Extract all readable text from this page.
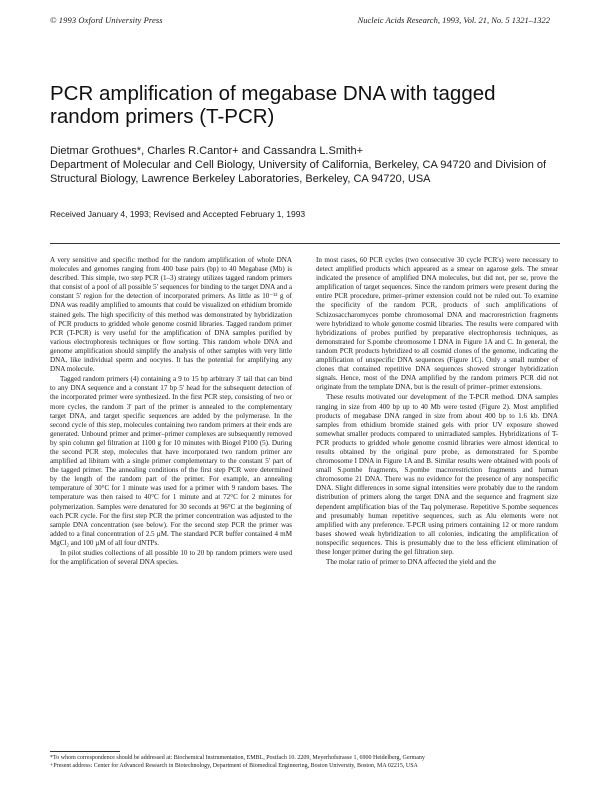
© 1993 Oxford University Press	Nucleic Acids Research, 1993, Vol. 21, No. 5 1321–1322
PCR amplification of megabase DNA with tagged random primers (T-PCR)
Dietmar Grothues*, Charles R.Cantor+ and Cassandra L.Smith+
Department of Molecular and Cell Biology, University of California, Berkeley, CA 94720 and Division of Structural Biology, Lawrence Berkeley Laboratories, Berkeley, CA 94720, USA
Received January 4, 1993; Revised and Accepted February 1, 1993

A very sensitive and specific method for the random amplification of whole DNA molecules and genomes ranging from 400 base pairs (bp) to 40 Megabase (Mb) is described. This simple, two step PCR (1–3) strategy utilizes tagged random primers that consist of a pool of all possible 5' sequences for binding to the target DNA and a constant 5' region for the detection of incorporated primers. As little as 10⁻¹² g of DNA was readily amplified to amounts that could be visualized on ethidium bromide stained gels. The high specificity of this method was demonstrated by hybridization of PCR products to gridded whole genome cosmid libraries. Tagged random primer PCR (T-PCR) is very useful for the amplification of DNA samples purified by various electrophoresis techniques or flow sorting. This random whole DNA and genome amplification should simplify the analysis of other samples with very little DNA, like individual sperm and oocytes. It has the potential for amplifying any DNA molecule.

Tagged random primers (4) containing a 9 to 15 bp arbitrary 3' tail that can bind to any DNA sequence and a constant 17 bp 5' head for the subsequent detection of the incorporated primer were synthesized. In the first PCR step, consisting of two or more cycles, the random 3' part of the primer is annealed to the complementary target DNA, and target specific sequences are added by the polymerase. In the second cycle of this step, molecules containing two random primers at their ends are generated. Unbound primer and primer–primer complexes are subsequently removed by spin column gel filtration at 1100 g for 10 minutes with Biogel P100 (5). During the second PCR step, molecules that have incorporated two random primer are amplified ad libitum with a single primer complementary to the constant 5' part of the tagged primer. The annealing conditions of the first step PCR were determined by the length of the random part of the primer. For example, an annealing temperature of 30°C for 1 minute was used for a primer with 9 random bases. The temperature was then raised to 40°C for 1 minute and at 72°C for 2 minutes for polymerization. Samples were denatured for 30 seconds at 96°C at the beginning of each PCR cycle. For the first step PCR the primer concentration was adjusted to the sample DNA concentration (see below). For the second step PCR the primer was added to a final concentration of 2.5 µM. The standard PCR buffer contained 4 mM MgCl₂ and 100 µM of all four dNTPs.

In pilot studies collections of all possible 10 to 20 bp random primers were used for the amplification of several DNA species.

In most cases, 60 PCR cycles (two consecutive 30 cycle PCR's) were necessary to detect amplified products which appeared as a smear on agarose gels. The smear indicated the presence of amplified DNA molecules, but did not, per se, prove the amplification of target sequences. Since the random primers were present during the entire PCR procedure, primer–primer extension could not be ruled out. To examine the specificity of the random PCR, products of such amplifications of Schizosaccharomyces pombe chromosomal DNA and macrorestriction fragments were hybridized to whole genome cosmid libraries. The results were compared with hybridizations of probes purified by preparative electrophoresis techniques, as demonstrated for S.pombe chromosome I DNA in Figure 1A and C. In general, the random PCR products hybridized to all cosmid clones of the genome, indicating the amplification of unspecific DNA sequences (Figure 1C). Only a small number of clones that contained repetitive DNA sequences showed stronger hybridization signals. Hence, most of the DNA amplified by the random primers PCR did not originate from the template DNA, but is the result of primer–primer extensions.

These results motivated our development of the T-PCR method. DNA samples ranging in size from 400 bp up to 40 Mb were tested (Figure 2). Most amplified products of megabase DNA ranged in size from about 400 bp to 1.6 kb. DNA samples from ethidium bromide stained gels with prior UV exposure showed somewhat smaller products compared to unirradiated samples. Hybridizations of T-PCR products to gridded whole genome cosmid libraries were almost identical to results obtained by the original pure probe, as demonstrated for S.pombe chromosome I DNA in Figure 1A and B. Similar results were obtained with pools of small S.pombe fragments, S.pombe macrorestriction fragments and human chromosome 21 DNA. There was no evidence for the presence of any nonspecific DNA. Slight differences in some signal intensities were probably due to the random distribution of primers along the target DNA and the sequence and fragment size dependent amplification bias of the Taq polymerase. Repetitive S.pombe sequences and presumably human repetitive sequences, such as Alu elements were not amplified with any preference. T-PCR using primers containing 12 or more random bases showed weak hybridization to all colonies, indicating the amplification of nonspecific sequences. This is presumably due to the less efficient elimination of these longer primer during the gel filtration step.

The molar ratio of primer to DNA affected the yield and the

*To whom correspondence should be addressed at: Biochemical Instrumentation, EMBL, Postfach 10. 2209, Meyerhofstrasse 1, 6900 Heidelberg, Germany
+Present address: Center for Advanced Research in Biotechnology, Department of Biomedical Engineering, Boston University, Boston, MA 02215, USA
